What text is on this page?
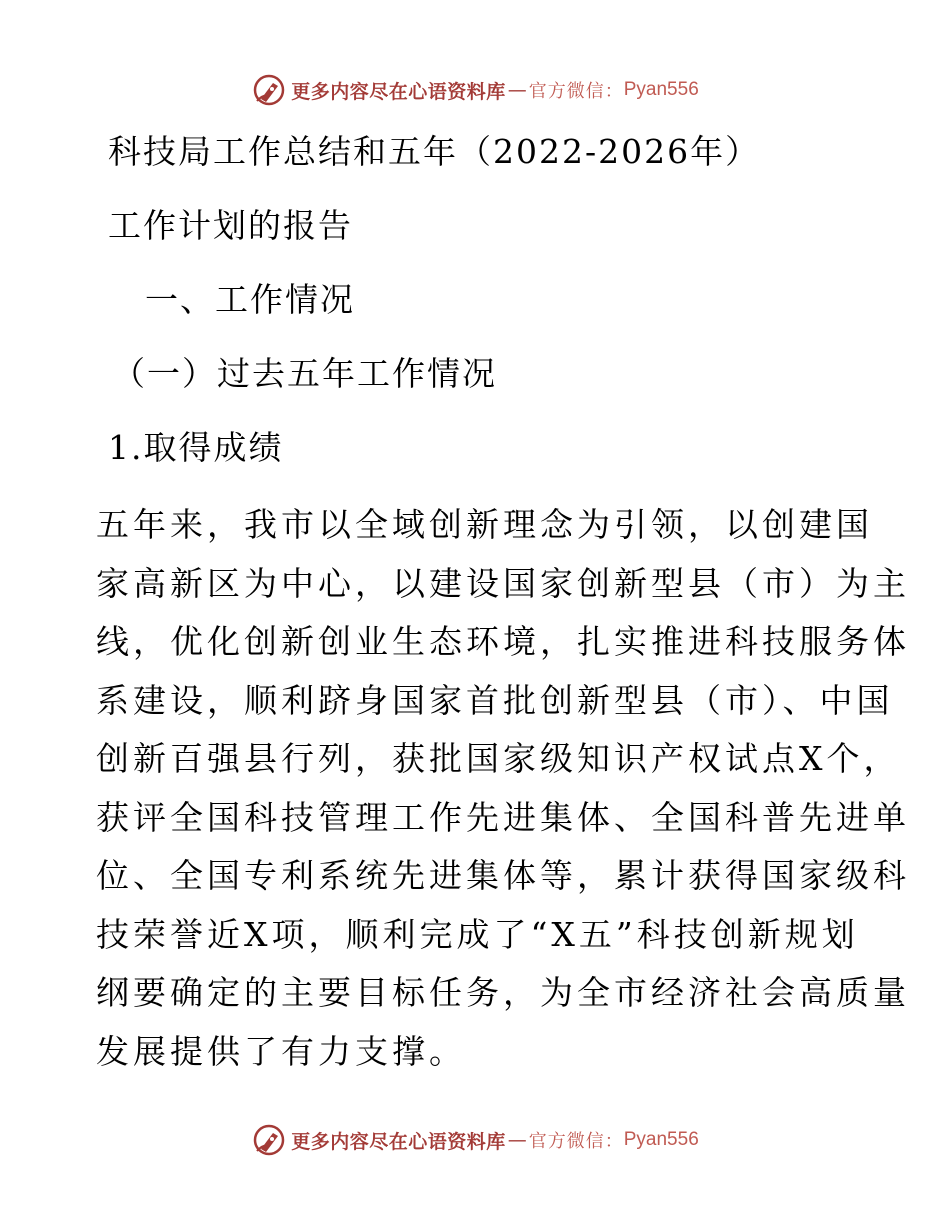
更多内容尽在心语资料库 — 官方微信： Pyan556
科技局工作总结和五年（2022-2026年）
工作计划的报告
一、工作情况
（一）过去五年工作情况
1.取得成绩
五年来，我市以全域创新理念为引领，以创建国
家高新区为中心，以建设国家创新型县（市）为主
线，优化创新创业生态环境，扎实推进科技服务体
系建设，顺利跻身国家首批创新型县（市）、中国
创新百强县行列，获批国家级知识产权试点X个，
获评全国科技管理工作先进集体、全国科普先进单
位、全国专利系统先进集体等，累计获得国家级科
技荣誉近X项，顺利完成了“X五”科技创新规划
纲要确定的主要目标任务，为全市经济社会高质量
发展提供了有力支撑。
更多内容尽在心语资料库 — 官方微信： Pyan556
